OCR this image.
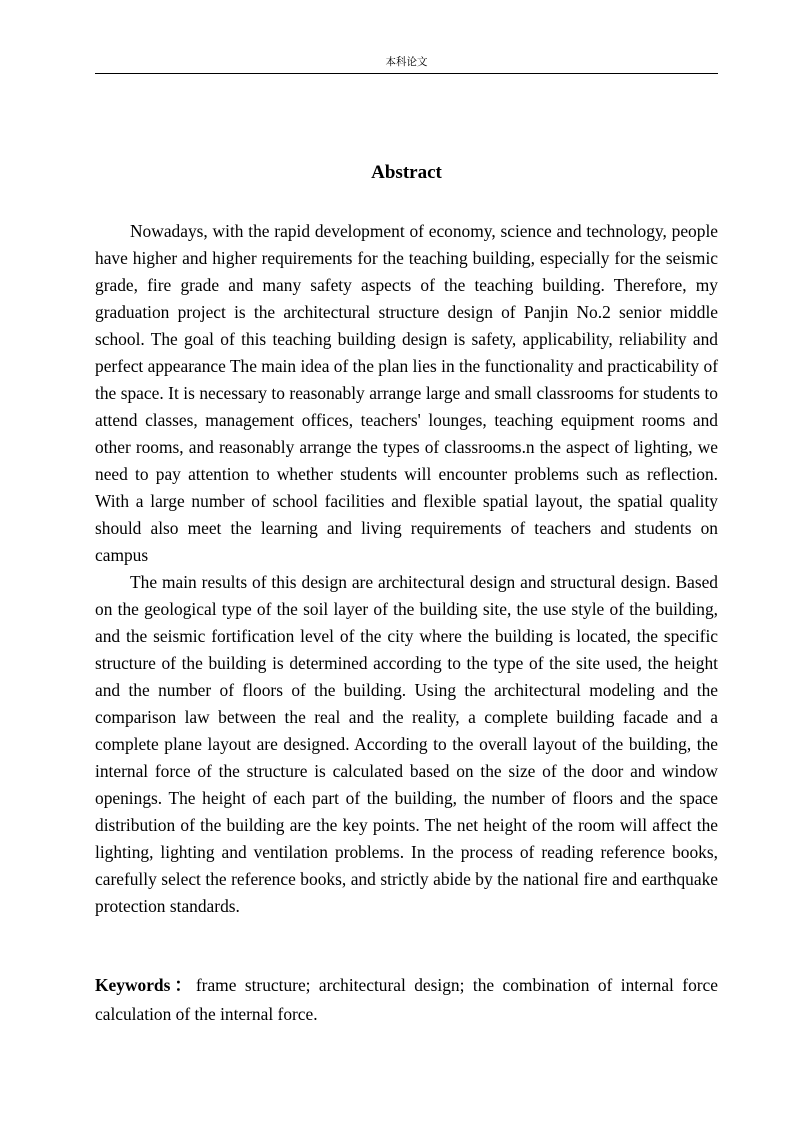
本科论文
Abstract

Nowadays, with the rapid development of economy, science and technology, people have higher and higher requirements for the teaching building, especially for the seismic grade, fire grade and many safety aspects of the teaching building. Therefore, my graduation project is the architectural structure design of Panjin No.2 senior middle school. The goal of this teaching building design is safety, applicability, reliability and perfect appearance The main idea of the plan lies in the functionality and practicability of the space. It is necessary to reasonably arrange large and small classrooms for students to attend classes, management offices, teachers' lounges, teaching equipment rooms and other rooms, and reasonably arrange the types of classrooms.n the aspect of lighting, we need to pay attention to whether students will encounter problems such as reflection. With a large number of school facilities and flexible spatial layout, the spatial quality should also meet the learning and living requirements of teachers and students on campus

The main results of this design are architectural design and structural design. Based on the geological type of the soil layer of the building site, the use style of the building, and the seismic fortification level of the city where the building is located, the specific structure of the building is determined according to the type of the site used, the height and the number of floors of the building. Using the architectural modeling and the comparison law between the real and the reality, a complete building facade and a complete plane layout are designed. According to the overall layout of the building, the internal force of the structure is calculated based on the size of the door and window openings. The height of each part of the building, the number of floors and the space distribution of the building are the key points. The net height of the room will affect the lighting, lighting and ventilation problems. In the process of reading reference books, carefully select the reference books, and strictly abide by the national fire and earthquake protection standards.

Keywords：frame structure; architectural design; the combination of internal force calculation of the internal force.
